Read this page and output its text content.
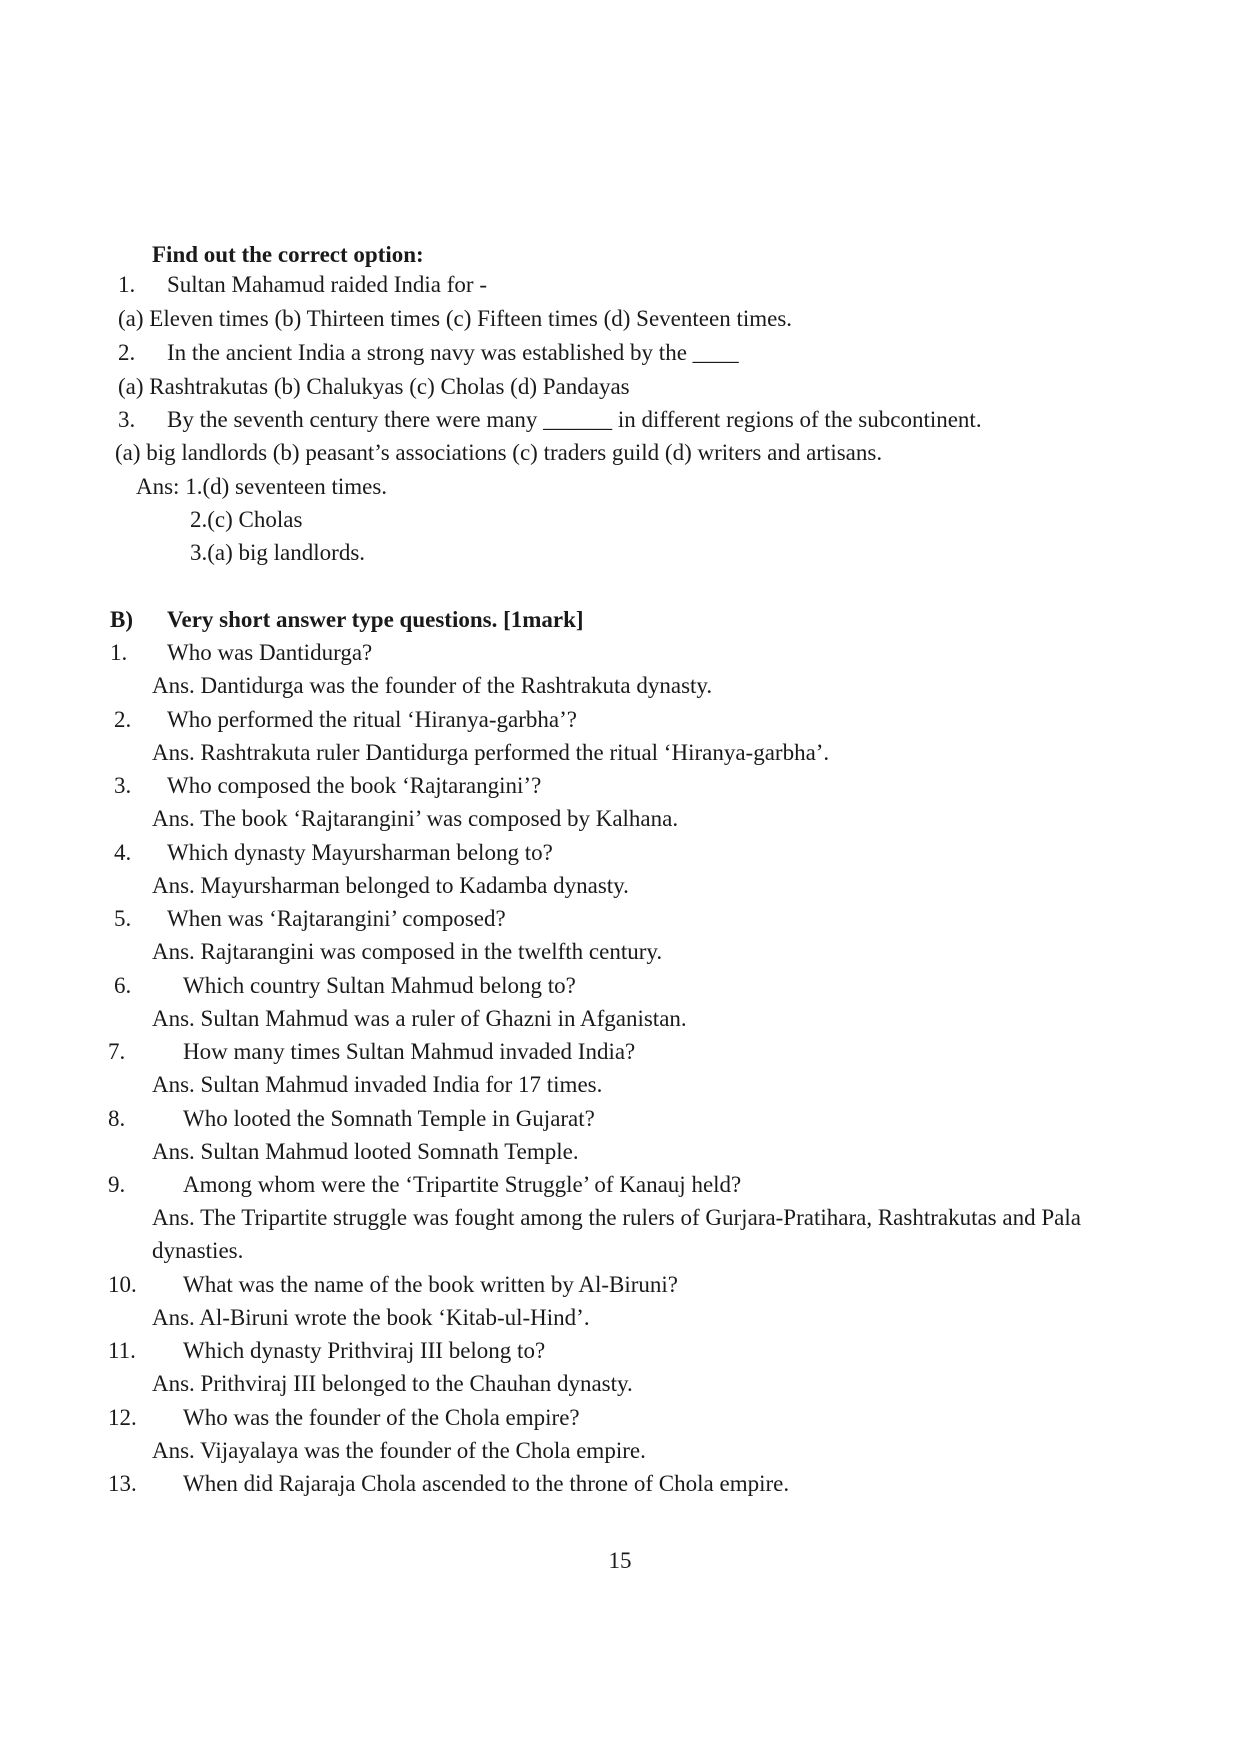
Find out the correct option:
1. Sultan Mahamud raided India for -
(a) Eleven times (b) Thirteen times (c) Fifteen times (d) Seventeen times.
2. In the ancient India a strong navy was established by the ____
(a) Rashtrakutas (b) Chalukyas (c) Cholas (d) Pandayas
3. By the seventh century there were many ______ in different regions of the subcontinent.
(a) big landlords (b) peasant’s associations (c) traders guild (d) writers and artisans.
Ans: 1.(d) seventeen times.
2.(c) Cholas
3.(a) big landlords.
B) Very short answer type questions. [1mark]
1. Who was Dantidurga?
Ans. Dantidurga was the founder of the Rashtrakuta dynasty.
2. Who performed the ritual ‘Hiranya-garbha’?
Ans. Rashtrakuta ruler Dantidurga performed the ritual ‘Hiranya-garbha’.
3. Who composed the book ‘Rajtarangini’?
Ans. The book ‘Rajtarangini’ was composed by Kalhana.
4. Which dynasty Mayursharman belong to?
Ans. Mayursharman belonged to Kadamba dynasty.
5. When was ‘Rajtarangini’ composed?
Ans. Rajtarangini was composed in the twelfth century.
6. Which country Sultan Mahmud belong to?
Ans. Sultan Mahmud was a ruler of Ghazni in Afganistan.
7.	How many times Sultan Mahmud invaded India?
Ans. Sultan Mahmud invaded India for 17 times.
8.	Who looted the Somnath Temple in Gujarat?
Ans. Sultan Mahmud looted Somnath Temple.
9.	Among whom were the ‘Tripartite Struggle’ of Kanauj held?
Ans. The Tripartite struggle was fought among the rulers of Gurjara-Pratihara, Rashtrakutas and Pala
dynasties.
10. What was the name of the book written by Al-Biruni?
Ans. Al-Biruni wrote the book ‘Kitab-ul-Hind’.
11. Which dynasty Prithviraj III belong to?
Ans. Prithviraj III belonged to the Chauhan dynasty.
12. Who was the founder of the Chola empire?
Ans. Vijayalaya was the founder of the Chola empire.
13. When did Rajaraja Chola ascended to the throne of Chola empire.
15
